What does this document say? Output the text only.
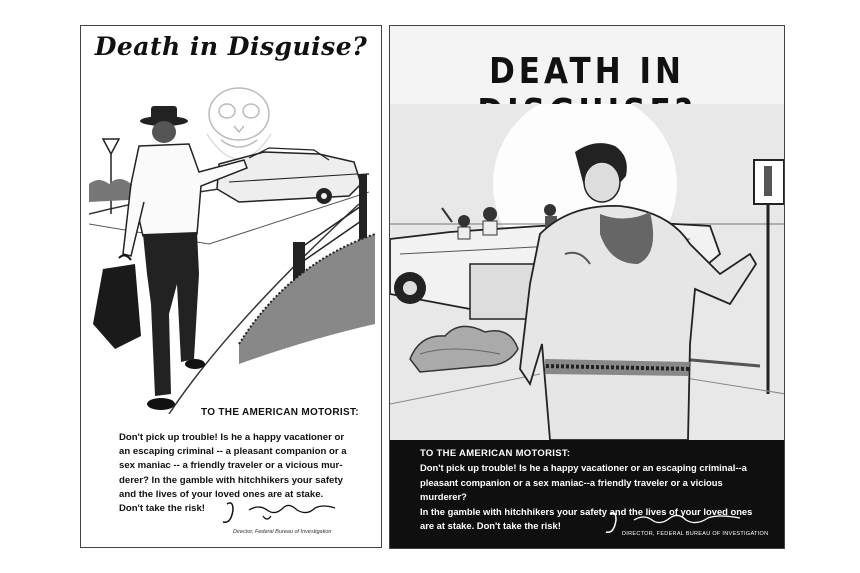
Death in Disguise?
TO THE AMERICAN MOTORIST:
Don't pick up trouble! Is he a happy vacationer or
an escaping criminal -- a pleasant companion or a
sex maniac -- a friendly traveler or a vicious mur-
derer? In the gamble with hitchhikers your safety
and the lives of your loved ones are at stake.
Don't take the risk!
Director, Federal Bureau of Investigation
DEATH IN
TO THE AMERICAN MOTORIST:
Don't pick up trouble! Is he a happy vacationer or an escaping criminal--a
pleasant companion or a sex maniac--a friendly traveler or a vicious murderer?
In the gamble with hitchhikers your safety and the lives of your loved ones
are at stake. Don't take the risk!
DIRECTOR, FEDERAL BUREAU OF INVESTIGATION
